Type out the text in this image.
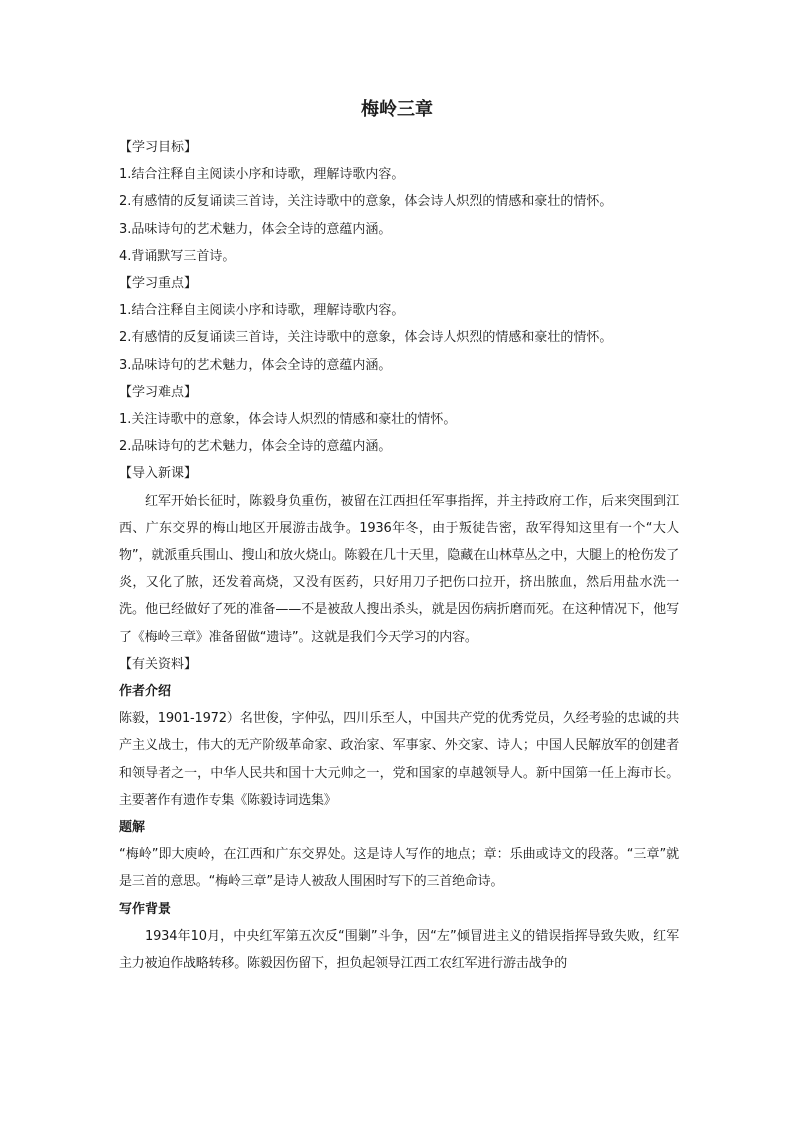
梅岭三章
【学习目标】
1.结合注释自主阅读小序和诗歌，理解诗歌内容。
2.有感情的反复诵读三首诗，关注诗歌中的意象，体会诗人炽烈的情感和豪壮的情怀。
3.品味诗句的艺术魅力，体会全诗的意蕴内涵。
4.背诵默写三首诗。
【学习重点】
1.结合注释自主阅读小序和诗歌，理解诗歌内容。
2.有感情的反复诵读三首诗，关注诗歌中的意象，体会诗人炽烈的情感和豪壮的情怀。
3.品味诗句的艺术魅力，体会全诗的意蕴内涵。
【学习难点】
1.关注诗歌中的意象，体会诗人炽烈的情感和豪壮的情怀。
2.品味诗句的艺术魅力，体会全诗的意蕴内涵。
【导入新课】
红军开始长征时，陈毅身负重伤，被留在江西担任军事指挥，并主持政府工作，后来突围到江西、广东交界的梅山地区开展游击战争。1936年冬，由于叛徒告密，敌军得知这里有一个“大人物”，就派重兵围山、搜山和放火烧山。陈毅在几十天里，隐藏在山林草丛之中，大腿上的枪伤发了炎，又化了脓，还发着高烧，又没有医药，只好用刀子把伤口拉开，挤出脓血，然后用盐水洗一洗。他已经做好了死的准备——不是被敌人搜出杀头，就是因伤病折磨而死。在这种情况下，他写了《梅岭三章》准备留做“遗诗”。这就是我们今天学习的内容。
【有关资料】
作者介绍
陈毅，1901-1972）名世俊，字仲弘，四川乐至人，中国共产党的优秀党员，久经考验的忠诚的共产主义战士，伟大的无产阶级革命家、政治家、军事家、外交家、诗人；中国人民解放军的创建者和领导者之一，中华人民共和国十大元帅之一，党和国家的卓越领导人。新中国第一任上海市长。主要著作有遗作专集《陈毅诗词选集》
题解
“梅岭”即大庾岭，在江西和广东交界处。这是诗人写作的地点；章：乐曲或诗文的段落。“三章”就是三首的意思。“梅岭三章”是诗人被敌人围困时写下的三首绝命诗。
写作背景
1934年10月，中央红军第五次反“围剿”斗争，因“左”倾冒进主义的错误指挥导致失败，红军主力被迫作战略转移。陈毅因伤留下，担负起领导江西工农红军进行游击战争的
